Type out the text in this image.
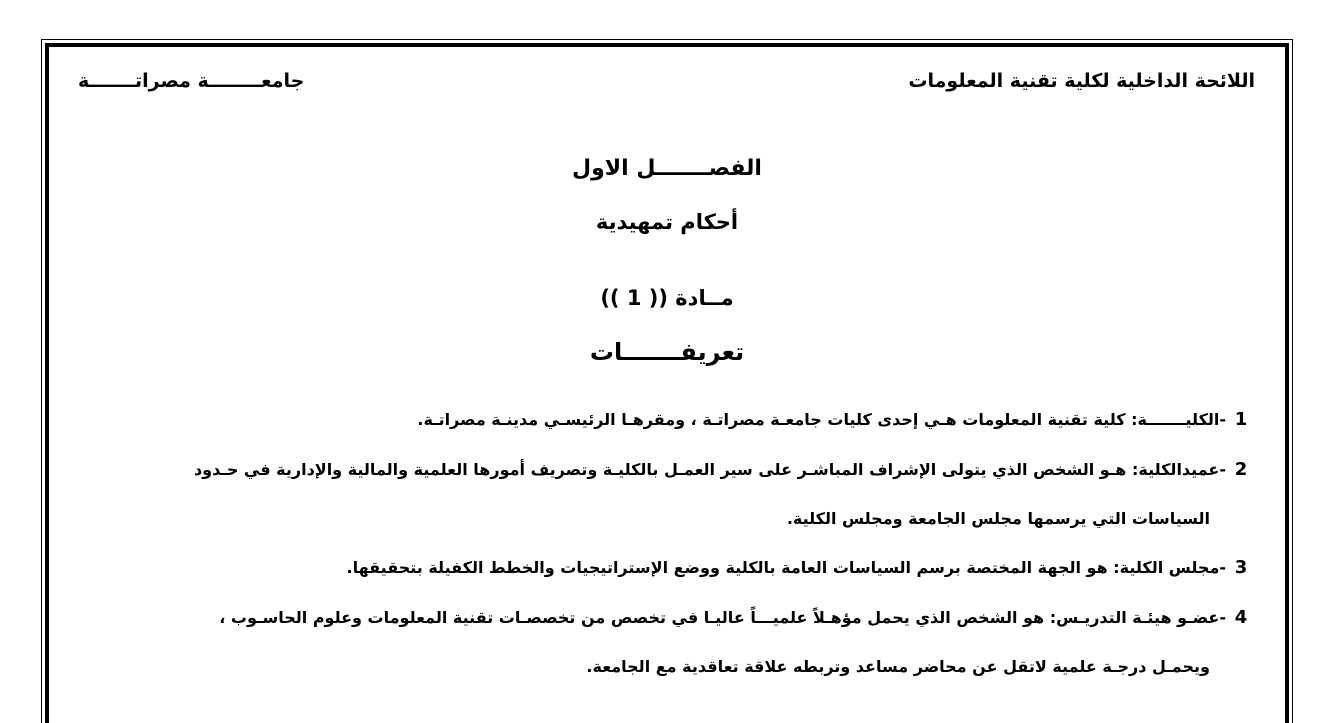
اللائحة الداخلية لكلية تقنية المعلومات
جامعــــــــة مصراتـــــــة
الفصـــــــل الاول
أحكام تمهيدية
مــادة (( 1 ))
تعريفـــــــات
1-الكليـــــــة: كلية تقنية المعلومات هـي إحدى كليات جامعـة مصراتـة ، ومقرهـا الرئيسـي مدينـة مصراتـة.
2-عميدالكلية: هـو الشخص الذي يتولى الإشراف المباشـر على سير العمـل بالكليـة وتصريف أمورها العلمية والمالية والإدارية في حـدود
السياسات التي يرسمها مجلس الجامعة ومجلس الكلية.
3-مجلس الكلية: هو الجهة المختصة برسم السياسات العامة بالكلية ووضع الإستراتيجيات والخطط الكفيلة بتحقيقها.
4-عضـو هيئـة التدريـس: هو الشخص الذي يحمل مؤهـلاً علميـــاً عاليـا في تخصص من تخصصـات تقنية المعلومات وعلوم الحاسـوب ،
ويحمـل درجـة علمية لاتقل عن محاضر مساعد وتربطه علاقة تعاقدية مع الجامعة.
